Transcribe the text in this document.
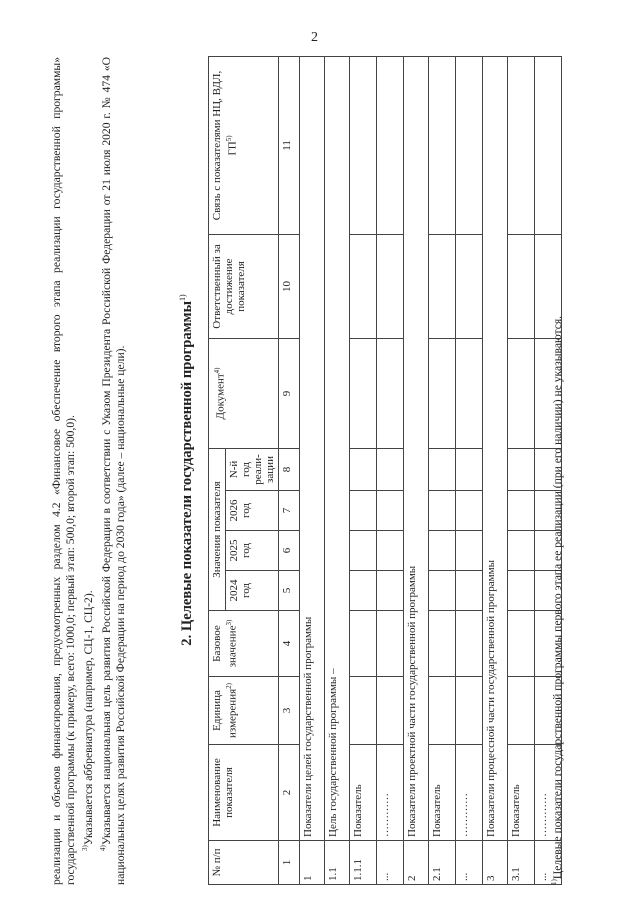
2

реализации и объемов финансирования, предусмотренных разделом 4.2 «Финансовое обеспечение второго этапа реализации государственной программы» государственной программы (к примеру, всего: 1000,0; первый этап: 500,0; второй этап: 500,0). $^{3)}$Указывается аббревиатура (например, СЦ-1, СЦ-2).

$^{4)}$Указывается национальная цель развития Российской Федерации в соответствии с Указом Президента Российской Федерации от 21 июля 2020 г. № 474 «О национальных целях развития Российской Федерации на период до 2030 года» (далее – национальные цели).	2. Целевые показатели государственной программы$^{1)}$
№ п/п	Наименование показателя	Единица измерения$^{2)}$	Базовое значение$^{3)}$	Значения показателя				Документ$^{4)}$	Ответственный за достижение показателя	Связь с показателями НЦ, ВДЛ, ГП$^{5)}$
				2024 год	2025 год	2026 год	N-й год реали-зации			
1	2	3	4	5	6	7	8	9	10	11
1	Показатели целей государственной программы									
1.1	Цель государственной программы –									
1.1.1	Показатель									
...	…………									
2	Показатели проектной части государственной программы									
2.1	Показатель									
...	…………									
3	Показатели процессной части государственной программы									
3.1	Показатель									
...	…………									
$^{1)}$Целевые показатели государственной программы первого этапа ее реализации (при его наличии) не указываются.
